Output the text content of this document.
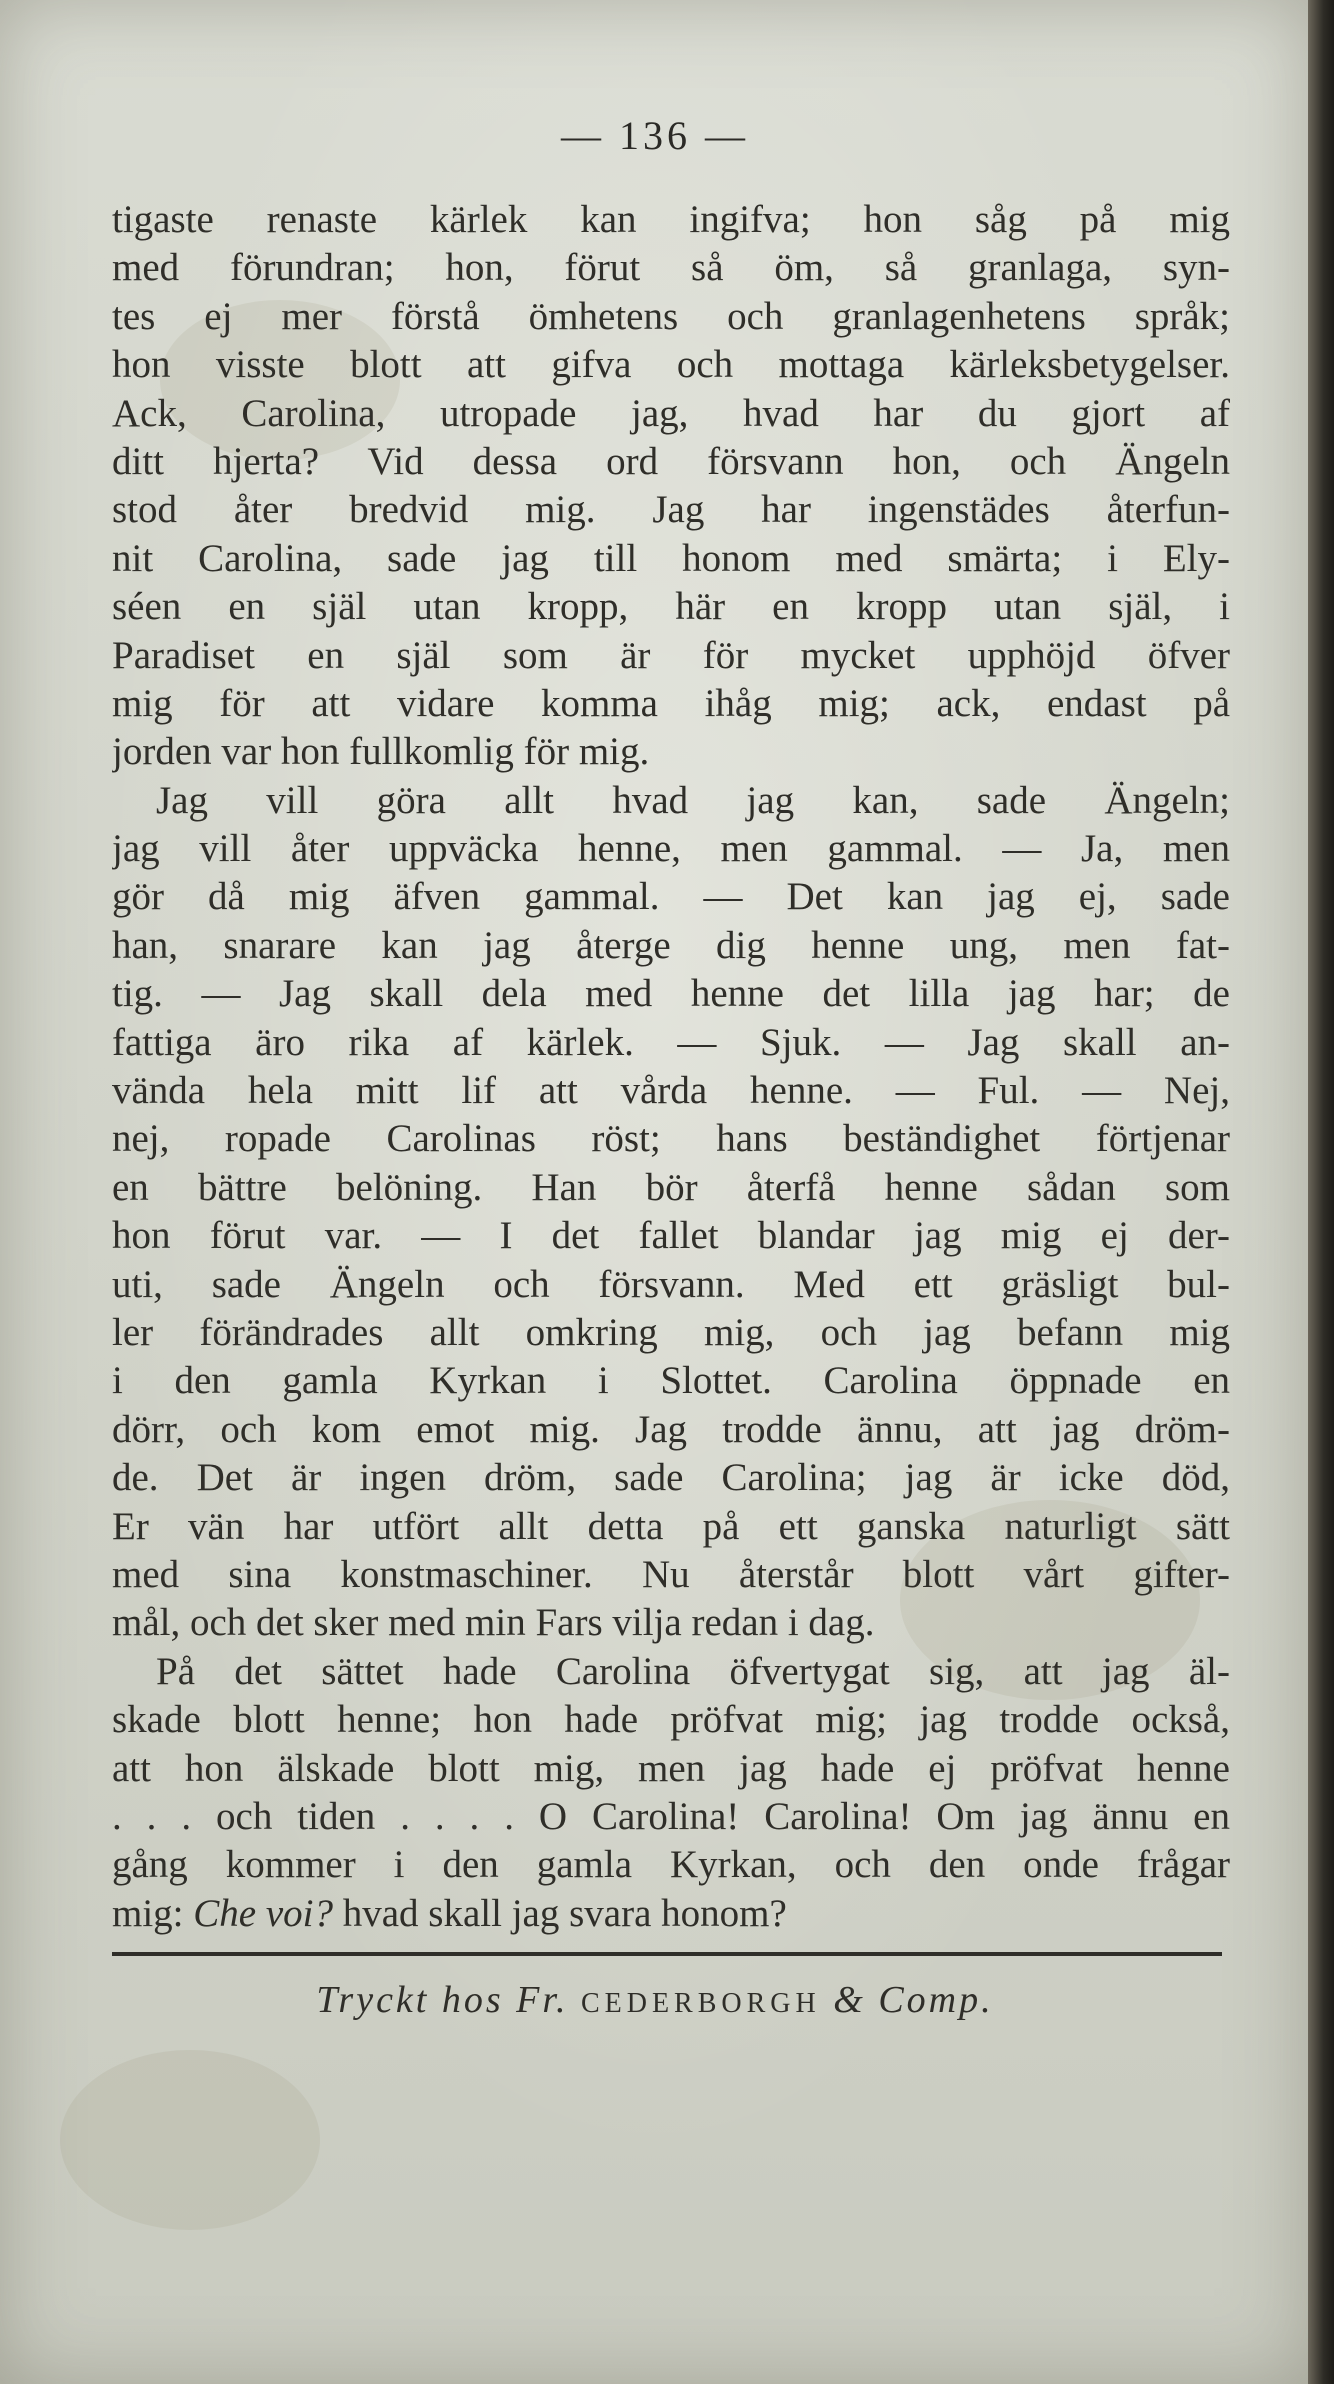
— 136 —
tigaste renaste kärlek kan ingifva; hon såg på mig
med förundran; hon, förut så öm, så granlaga, syn-
tes ej mer förstå ömhetens och granlagenhetens språk;
hon visste blott att gifva och mottaga kärleksbetygelser.
Ack, Carolina, utropade jag, hvad har du gjort af
ditt hjerta? Vid dessa ord försvann hon, och Ängeln
stod åter bredvid mig. Jag har ingenstädes återfun-
nit Carolina, sade jag till honom med smärta; i Ely-
séen en själ utan kropp, här en kropp utan själ, i
Paradiset en själ som är för mycket upphöjd öfver
mig för att vidare komma ihåg mig; ack, endast på
jorden var hon fullkomlig för mig.
Jag vill göra allt hvad jag kan, sade Ängeln;
jag vill åter uppväcka henne, men gammal. — Ja, men
gör då mig äfven gammal. — Det kan jag ej, sade
han, snarare kan jag återge dig henne ung, men fat-
tig. — Jag skall dela med henne det lilla jag har; de
fattiga äro rika af kärlek. — Sjuk. — Jag skall an-
vända hela mitt lif att vårda henne. — Ful. — Nej,
nej, ropade Carolinas röst; hans beständighet förtjenar
en bättre belöning. Han bör återfå henne sådan som
hon förut var. — I det fallet blandar jag mig ej der-
uti, sade Ängeln och försvann. Med ett gräsligt bul-
ler förändrades allt omkring mig, och jag befann mig
i den gamla Kyrkan i Slottet. Carolina öppnade en
dörr, och kom emot mig. Jag trodde ännu, att jag dröm-
de. Det är ingen dröm, sade Carolina; jag är icke död,
Er vän har utfört allt detta på ett ganska naturligt sätt
med sina konstmaschiner. Nu återstår blott vårt gifter-
mål, och det sker med min Fars vilja redan i dag.
På det sättet hade Carolina öfvertygat sig, att jag äl-
skade blott henne; hon hade pröfvat mig; jag trodde också,
att hon älskade blott mig, men jag hade ej pröfvat henne
. . . och tiden . . . . O Carolina! Carolina! Om jag ännu en
gång kommer i den gamla Kyrkan, och den onde frågar
mig: Che voi? hvad skall jag svara honom?
Tryckt hos Fr. CEDERBORGH & Comp.
